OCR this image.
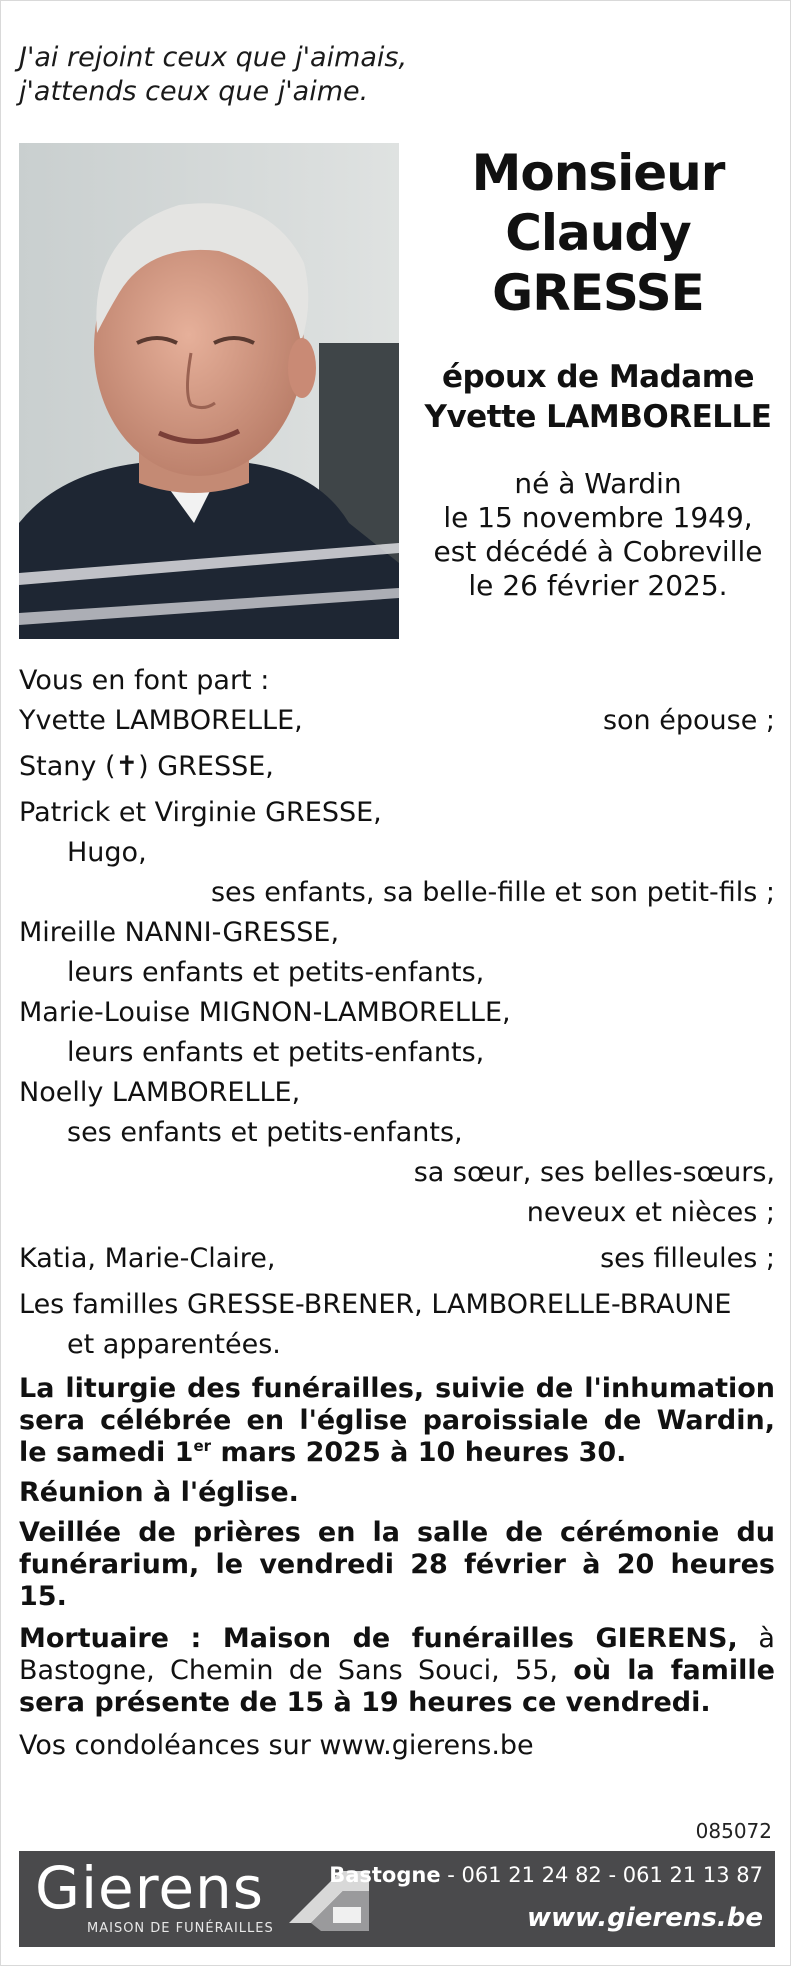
J'ai rejoint ceux que j'aimais,
j'attends ceux que j'aime.
Monsieur
Claudy
GRESSE
époux de Madame
Yvette LAMBORELLE
né à Wardin
le 15 novembre 1949,
est décédé à Cobreville
le 26 février 2025.
Vous en font part :
Yvette LAMBORELLE,	son épouse ;
Stany (✝) GRESSE,
Patrick et Virginie GRESSE,
Hugo,
ses enfants, sa belle-fille et son petit-fils ;
Mireille NANNI-GRESSE,
leurs enfants et petits-enfants,
Marie-Louise MIGNON-LAMBORELLE,
leurs enfants et petits-enfants,
Noelly LAMBORELLE,
ses enfants et petits-enfants,
sa sœur, ses belles-sœurs,
neveux et nièces ;
Katia, Marie-Claire,	ses filleules ;
Les familles GRESSE-BRENER, LAMBORELLE-BRAUNE
et apparentées.
La liturgie des funérailles, suivie de l'inhumation sera célébrée en l'église paroissiale de Wardin, le samedi 1er mars 2025 à 10 heures 30.
Réunion à l'église.
Veillée de prières en la salle de cérémonie du funérarium, le vendredi 28 février à 20 heures 15.
Mortuaire : Maison de funérailles GIERENS, à Bastogne, Chemin de Sans Souci, 55, où la famille sera présente de 15 à 19 heures ce vendredi.
Vos condoléances sur www.gierens.be
085072
Gierens
MAISON DE FUNÉRAILLES
Bastogne - 061 21 24 82 - 061 21 13 87
www.gierens.be
